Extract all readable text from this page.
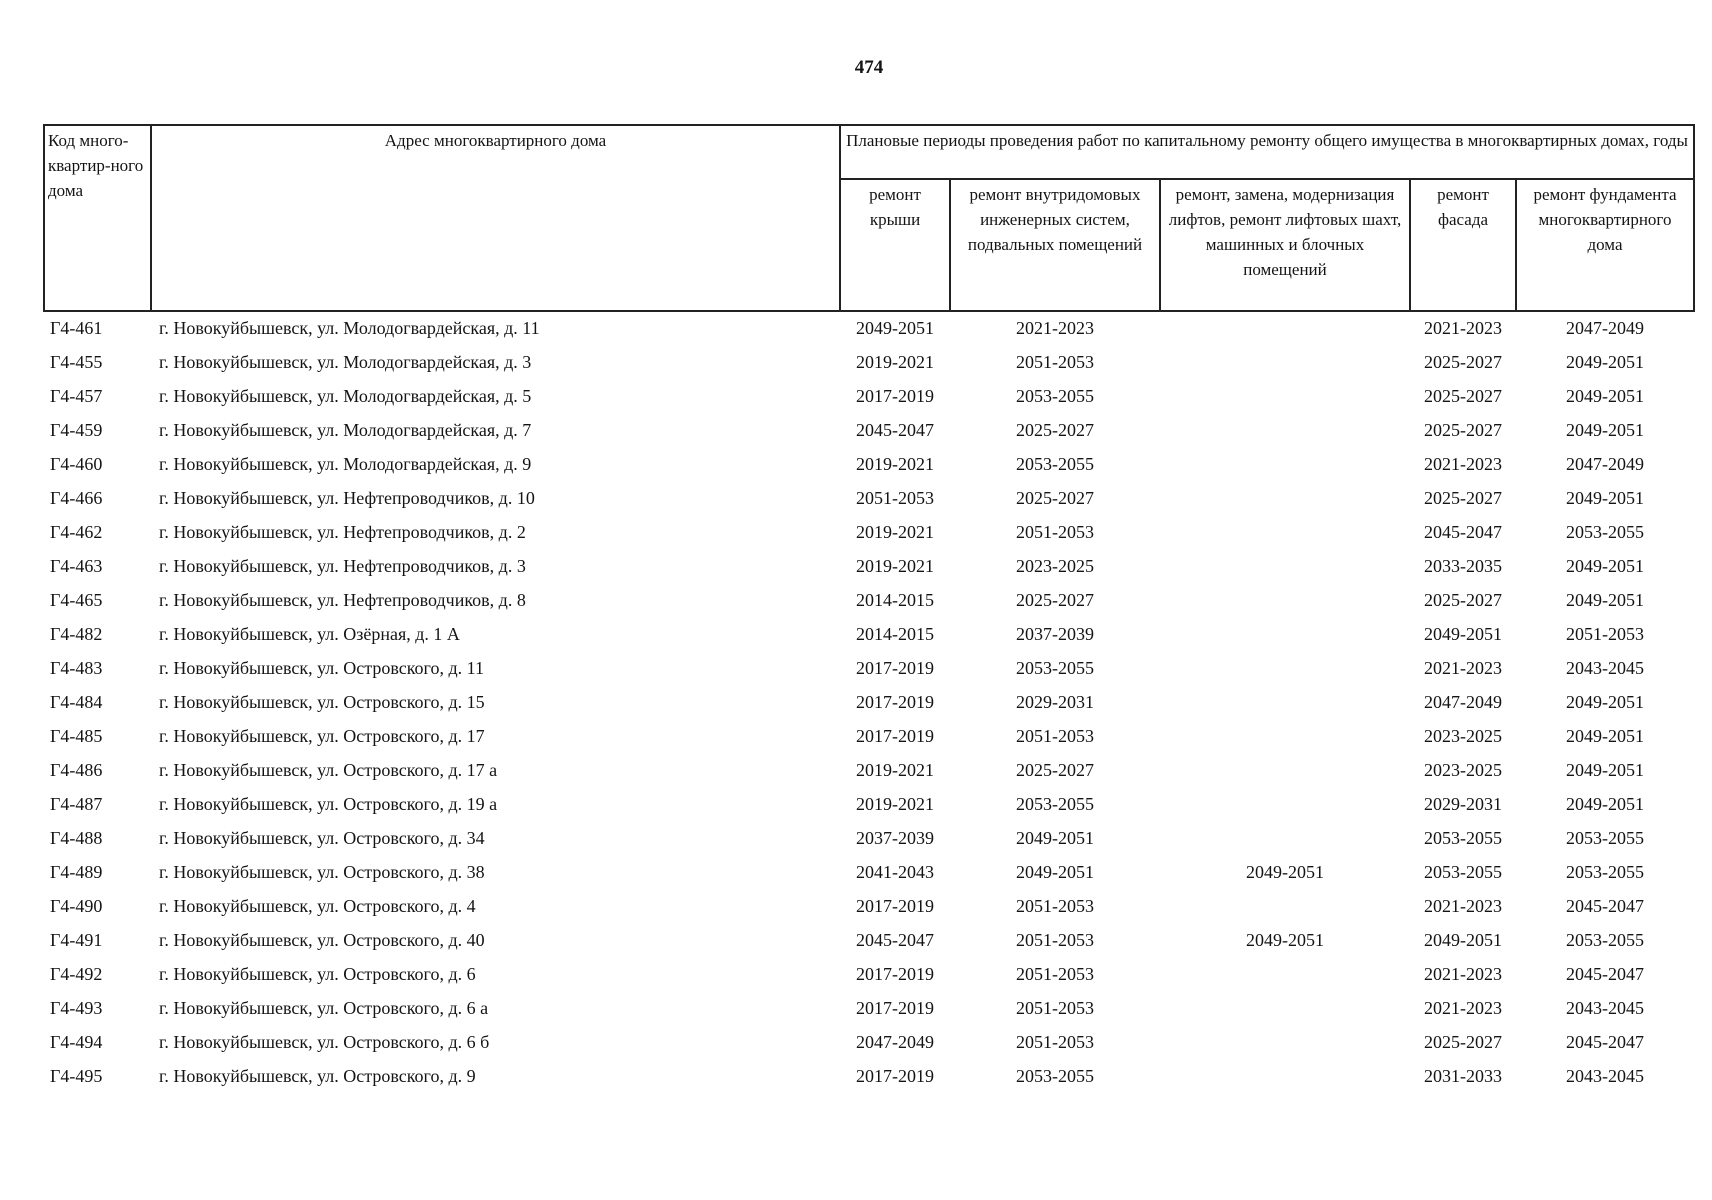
474
Код много-квартир-ного дома	Адрес многоквартирного дома	Плановые периоды проведения работ по капитальному ремонту общего имущества в многоквартирных домах, годы				
		ремонт крыши	ремонт внутридомовых инженерных систем, подвальных помещений	ремонт, замена, модернизация лифтов, ремонт лифтовых шахт, машинных и блочных помещений	ремонт фасада	ремонт фундамента многоквартирного дома
Г4-461	г. Новокуйбышевск, ул. Молодогвардейская, д. 11	2049-2051	2021-2023		2021-2023	2047-2049
Г4-455	г. Новокуйбышевск, ул. Молодогвардейская, д. 3	2019-2021	2051-2053		2025-2027	2049-2051
Г4-457	г. Новокуйбышевск, ул. Молодогвардейская, д. 5	2017-2019	2053-2055		2025-2027	2049-2051
Г4-459	г. Новокуйбышевск, ул. Молодогвардейская, д. 7	2045-2047	2025-2027		2025-2027	2049-2051
Г4-460	г. Новокуйбышевск, ул. Молодогвардейская, д. 9	2019-2021	2053-2055		2021-2023	2047-2049
Г4-466	г. Новокуйбышевск, ул. Нефтепроводчиков, д. 10	2051-2053	2025-2027		2025-2027	2049-2051
Г4-462	г. Новокуйбышевск, ул. Нефтепроводчиков, д. 2	2019-2021	2051-2053		2045-2047	2053-2055
Г4-463	г. Новокуйбышевск, ул. Нефтепроводчиков, д. 3	2019-2021	2023-2025		2033-2035	2049-2051
Г4-465	г. Новокуйбышевск, ул. Нефтепроводчиков, д. 8	2014-2015	2025-2027		2025-2027	2049-2051
Г4-482	г. Новокуйбышевск, ул. Озёрная, д. 1 А	2014-2015	2037-2039		2049-2051	2051-2053
Г4-483	г. Новокуйбышевск, ул. Островского, д. 11	2017-2019	2053-2055		2021-2023	2043-2045
Г4-484	г. Новокуйбышевск, ул. Островского, д. 15	2017-2019	2029-2031		2047-2049	2049-2051
Г4-485	г. Новокуйбышевск, ул. Островского, д. 17	2017-2019	2051-2053		2023-2025	2049-2051
Г4-486	г. Новокуйбышевск, ул. Островского, д. 17 а	2019-2021	2025-2027		2023-2025	2049-2051
Г4-487	г. Новокуйбышевск, ул. Островского, д. 19 а	2019-2021	2053-2055		2029-2031	2049-2051
Г4-488	г. Новокуйбышевск, ул. Островского, д. 34	2037-2039	2049-2051		2053-2055	2053-2055
Г4-489	г. Новокуйбышевск, ул. Островского, д. 38	2041-2043	2049-2051	2049-2051	2053-2055	2053-2055
Г4-490	г. Новокуйбышевск, ул. Островского, д. 4	2017-2019	2051-2053		2021-2023	2045-2047
Г4-491	г. Новокуйбышевск, ул. Островского, д. 40	2045-2047	2051-2053	2049-2051	2049-2051	2053-2055
Г4-492	г. Новокуйбышевск, ул. Островского, д. 6	2017-2019	2051-2053		2021-2023	2045-2047
Г4-493	г. Новокуйбышевск, ул. Островского, д. 6 а	2017-2019	2051-2053		2021-2023	2043-2045
Г4-494	г. Новокуйбышевск, ул. Островского, д. 6 б	2047-2049	2051-2053		2025-2027	2045-2047
Г4-495	г. Новокуйбышевск, ул. Островского, д. 9	2017-2019	2053-2055		2031-2033	2043-2045
